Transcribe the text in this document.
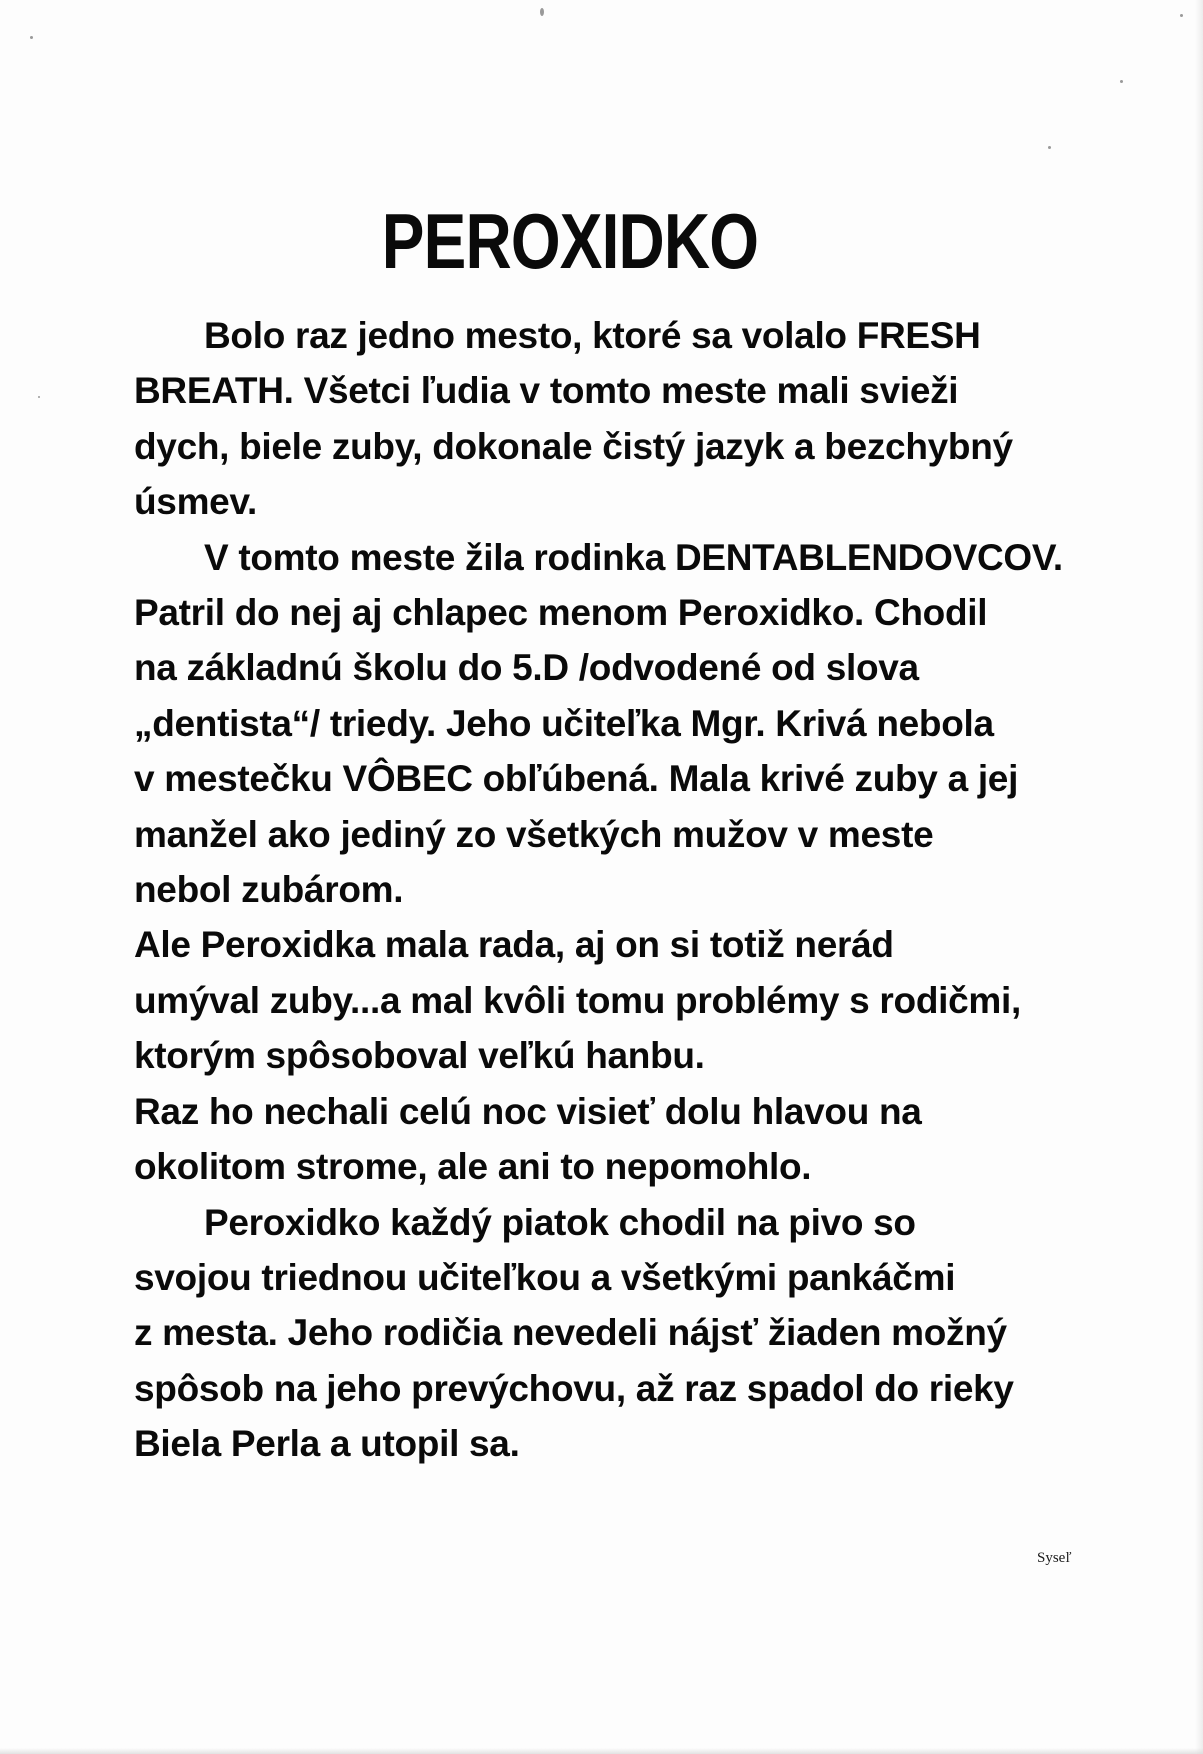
PEROXIDKO
Bolo raz jedno mesto, ktoré sa volalo FRESH
BREATH. Všetci ľudia v tomto meste mali svieži
dych, biele zuby, dokonale čistý jazyk a bezchybný
úsmev.
V tomto meste žila rodinka DENTABLENDOVCOV.
Patril do nej aj chlapec menom Peroxidko. Chodil
na základnú školu do 5.D /odvodené od slova
„dentista“/ triedy. Jeho učiteľka Mgr. Krivá nebola
v mestečku VÔBEC obľúbená. Mala krivé zuby a jej
manžel ako jediný zo všetkých mužov v meste
nebol zubárom.
Ale Peroxidka mala rada, aj on si totiž nerád
umýval zuby...a mal kvôli tomu problémy s rodičmi,
ktorým spôsoboval veľkú hanbu.
Raz ho nechali celú noc visieť dolu hlavou na
okolitom strome, ale ani to nepomohlo.
Peroxidko každý piatok chodil na pivo so
svojou triednou učiteľkou a všetkými pankáčmi
z mesta. Jeho rodičia nevedeli nájsť žiaden možný
spôsob na jeho prevýchovu, až raz spadol do rieky
Biela Perla a utopil sa.
Syseľ
